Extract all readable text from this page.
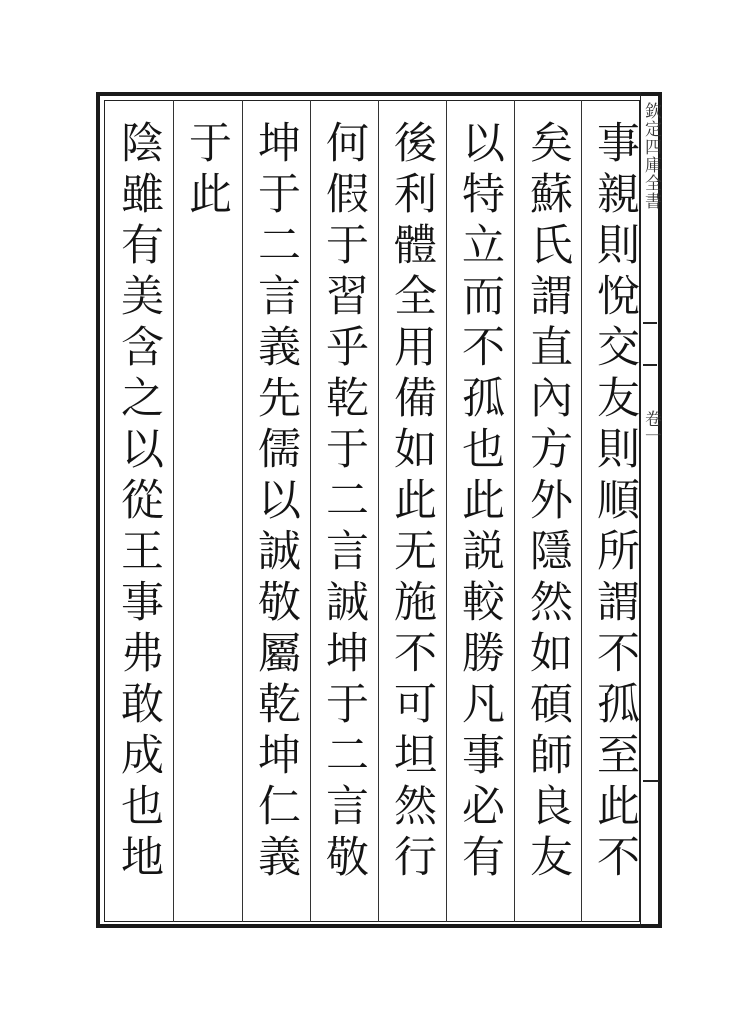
欽定四庫全書
卷一
事親則悅交友則順所謂不孤至此不
矣蘇氏謂直內方外隱然如碩師良友
以特立而不孤也此説較勝凡事必有
後利體全用備如此无施不可坦然行
何假于習乎乾于二言誠坤于二言敬
坤于二言義先儒以誠敬屬乾坤仁義
于此
陰雖有美含之以從王事弗敢成也地
